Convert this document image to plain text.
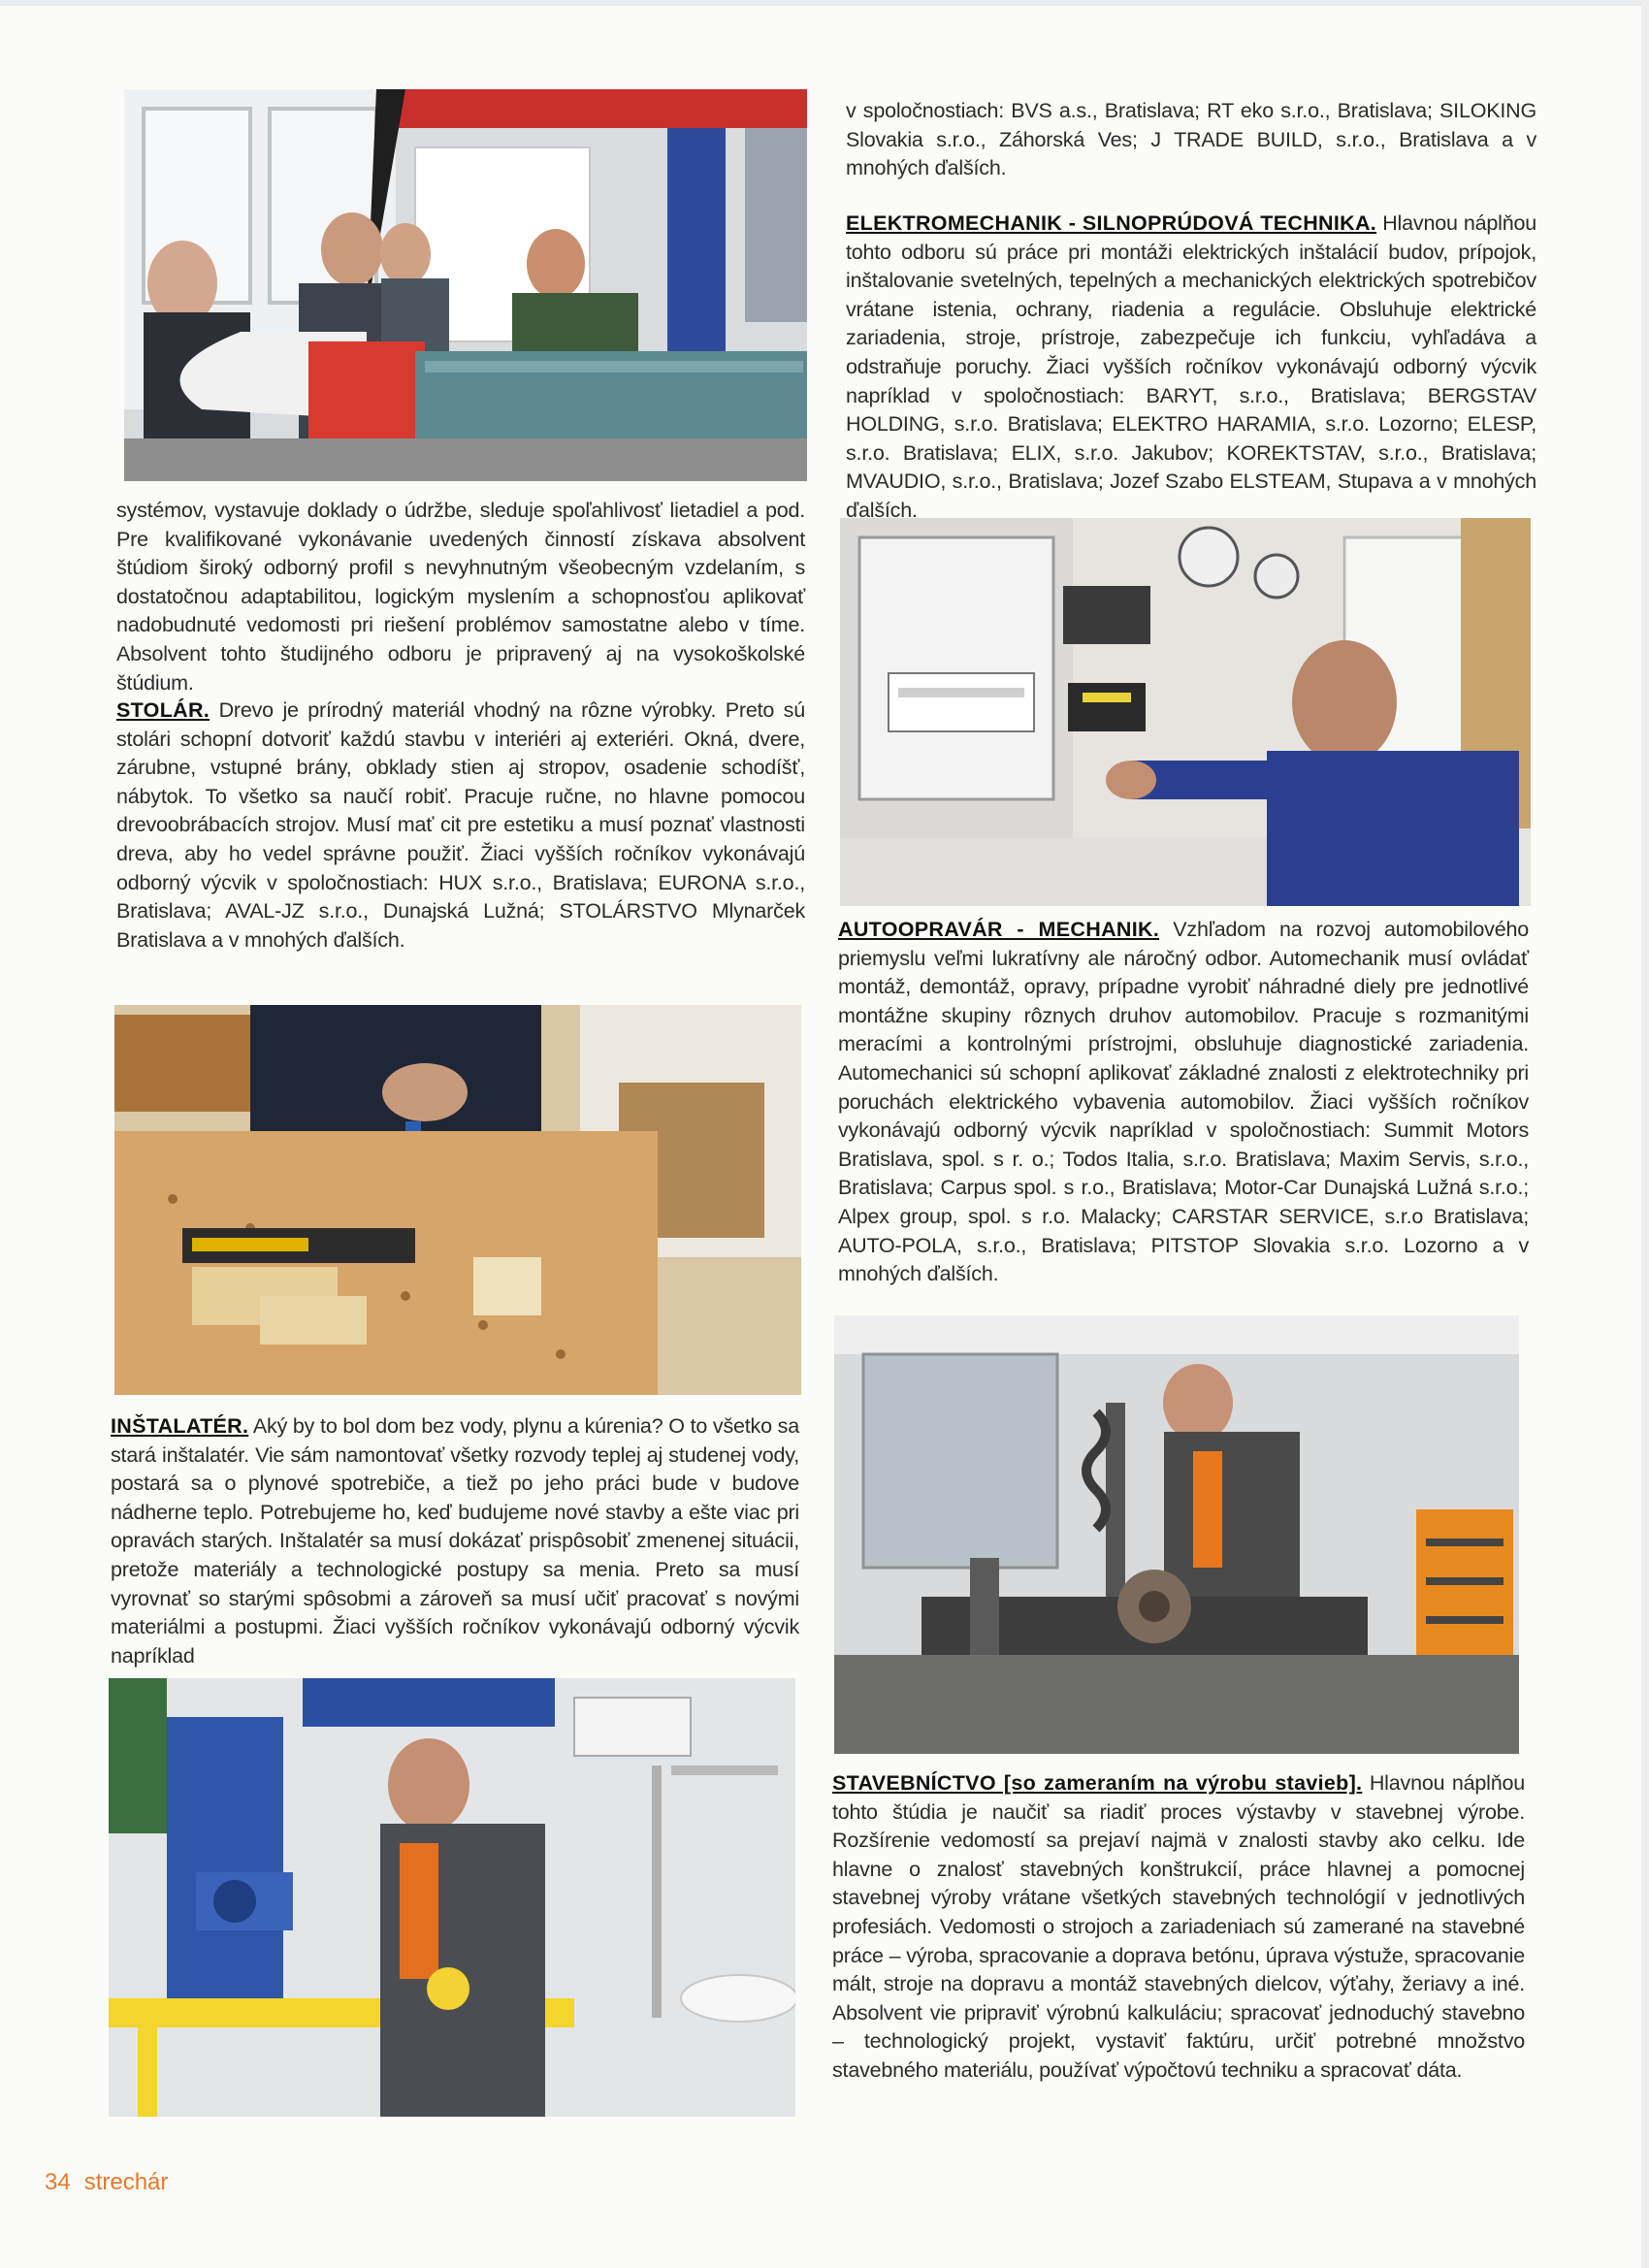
systémov, vystavuje doklady o údržbe, sleduje spoľahlivosť lietadiel a pod. Pre kvalifikované vykonávanie uvedených činností získava absolvent štúdiom široký odborný profil s nevyhnutným všeobecným vzdelaním, s dostatočnou adaptabilitou, logickým myslením a schopnosťou aplikovať nadobudnuté vedomosti pri riešení problémov samostatne alebo v tíme. Absolvent tohto študijného odboru je pripravený aj na vysokoškolské štúdium.

STOLÁR. Drevo je prírodný materiál vhodný na rôzne výrobky. Preto sú stolári schopní dotvoriť každú stavbu v interiéri aj exteriéri. Okná, dvere, zárubne, vstupné brány, obklady stien aj stropov, osadenie schodíšť, nábytok. To všetko sa naučí robiť. Pracuje ručne, no hlavne pomocou drevoobrábacích strojov. Musí mať cit pre estetiku a musí poznať vlastnosti dreva, aby ho vedel správne použiť. Žiaci vyšších ročníkov vykonávajú odborný výcvik v spoločnostiach: HUX s.r.o., Bratislava; EURONA s.r.o., Bratislava; AVAL-JZ s.r.o., Dunajská Lužná; STOLÁRSTVO Mlynarček Bratislava a v mnohých ďalších.

INŠTALATÉR. Aký by to bol dom bez vody, plynu a kúrenia? O to všetko sa stará inštalatér. Vie sám namontovať všetky rozvody teplej aj studenej vody, postará sa o plynové spotrebiče, a tiež po jeho práci bude v budove nádherne teplo. Potrebujeme ho, keď budujeme nové stavby a ešte viac pri opravách starých. Inštalatér sa musí dokázať prispôsobiť zmenenej situácii, pretože materiály a technologické postupy sa menia. Preto sa musí vyrovnať so starými spôsobmi a zároveň sa musí učiť pracovať s novými materiálmi a postupmi. Žiaci vyšších ročníkov vykonávajú odborný výcvik napríklad

v spoločnostiach: BVS a.s., Bratislava; RT eko s.r.o., Bratislava; SILOKING Slovakia s.r.o., Záhorská Ves; J TRADE BUILD, s.r.o., Bratislava a v mnohých ďalších.

ELEKTROMECHANIK - SILNOPRÚDOVÁ TECHNIKA. Hlavnou náplňou tohto odboru sú práce pri montáži elektrických inštalácií budov, prípojok, inštalovanie svetelných, tepelných a mechanických elektrických spotrebičov vrátane istenia, ochrany, riadenia a regulácie. Obsluhuje elektrické zariadenia, stroje, prístroje, zabezpečuje ich funkciu, vyhľadáva a odstraňuje poruchy. Žiaci vyšších ročníkov vykonávajú odborný výcvik napríklad v spoločnostiach: BARYT, s.r.o., Bratislava; BERGSTAV HOLDING, s.r.o. Bratislava; ELEKTRO HARAMIA, s.r.o. Lozorno; ELESP, s.r.o. Bratislava; ELIX, s.r.o. Jakubov; KOREKTSTAV, s.r.o., Bratislava; MVAUDIO, s.r.o., Bratislava; Jozef Szabo ELSTEAM, Stupava a v mnohých ďalších.

AUTOOPRAVÁR - MECHANIK. Vzhľadom na rozvoj automobilového priemyslu veľmi lukratívny ale náročný odbor. Automechanik musí ovládať montáž, demontáž, opravy, prípadne vyrobiť náhradné diely pre jednotlivé montážne skupiny rôznych druhov automobilov. Pracuje s rozmanitými meracími a kontrolnými prístrojmi, obsluhuje diagnostické zariadenia. Automechanici sú schopní aplikovať základné znalosti z elektrotechniky pri poruchách elektrického vybavenia automobilov. Žiaci vyšších ročníkov vykonávajú odborný výcvik napríklad v spoločnostiach: Summit Motors Bratislava, spol. s r. o.; Todos Italia, s.r.o. Bratislava; Maxim Servis, s.r.o., Bratislava; Carpus spol. s r.o., Bratislava; Motor-Car Dunajská Lužná s.r.o.; Alpex group, spol. s r.o. Malacky; CARSTAR SERVICE, s.r.o Bratislava; AUTO-POLA, s.r.o., Bratislava; PITSTOP Slovakia s.r.o. Lozorno a v mnohých ďalších.

STAVEBNÍCTVO [so zameraním na výrobu stavieb]. Hlavnou náplňou tohto štúdia je naučiť sa riadiť proces výstavby v stavebnej výrobe. Rozšírenie vedomostí sa prejaví najmä v znalosti stavby ako celku. Ide hlavne o znalosť stavebných konštrukcií, práce hlavnej a pomocnej stavebnej výroby vrátane všetkých stavebných technológií v jednotlivých profesiách. Vedomosti o strojoch a zariadeniach sú zamerané na stavebné práce – výroba, spracovanie a doprava betónu, úprava výstuže, spracovanie mált, stroje na dopravu a montáž stavebných dielcov, výťahy, žeriavy a iné. Absolvent vie pripraviť výrobnú kalkuláciu; spracovať jednoduchý stavebno – technologický projekt, vystaviť faktúru, určiť potrebné množstvo stavebného materiálu, používať výpočtovú techniku a spracovať dáta.

34 strechár
